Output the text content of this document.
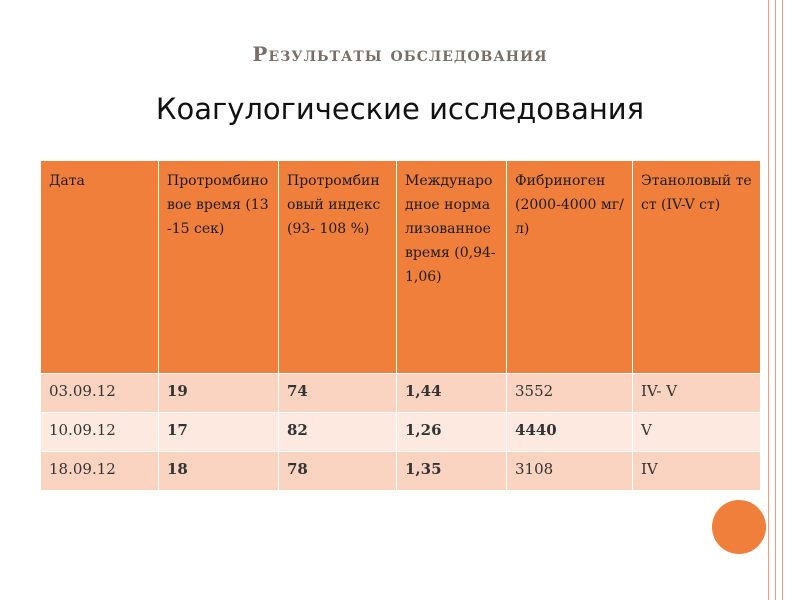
Результаты обследования
Коагулогические исследования
Дата	Протромбиновое время (13-15 сек)	Протромбиновый индекс (93- 108 %)	Международное нормализованное время (0,94-1,06)	Фибриноген (2000-4000 мг/л)	Этаноловый тест (IV-V ст)
03.09.12	19	74	1,44	3552	IV- V
10.09.12	17	82	1,26	4440	V
18.09.12	18	78	1,35	3108	IV
